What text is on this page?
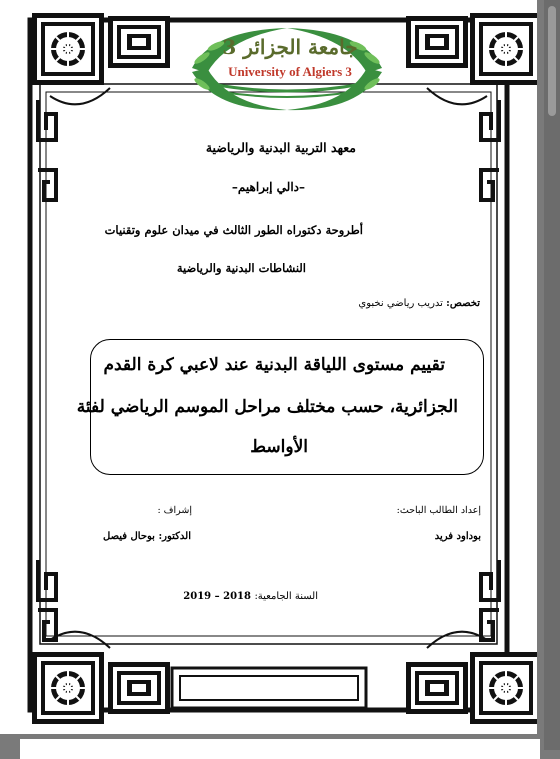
جامعة الجزائر 3
University of Algiers 3
معهد التربية البدنية والرياضية
–دالي إبراهيم–
أطروحة دكتوراه الطور الثالث في ميدان علوم وتقنيات
النشاطات البدنية والرياضية
تخصص: تدريب رياضي نخبوي
تقييم مستوى اللياقة البدنية عند لاعبي كرة القدم
الجزائرية، حسب مختلف مراحل الموسم الرياضي لفئة
الأواسط
إعداد الطالب الباحث:
إشراف :
بوداود فريد
الدكتور: بوحال فيصل
السنة الجامعية: 2018 – 2019
